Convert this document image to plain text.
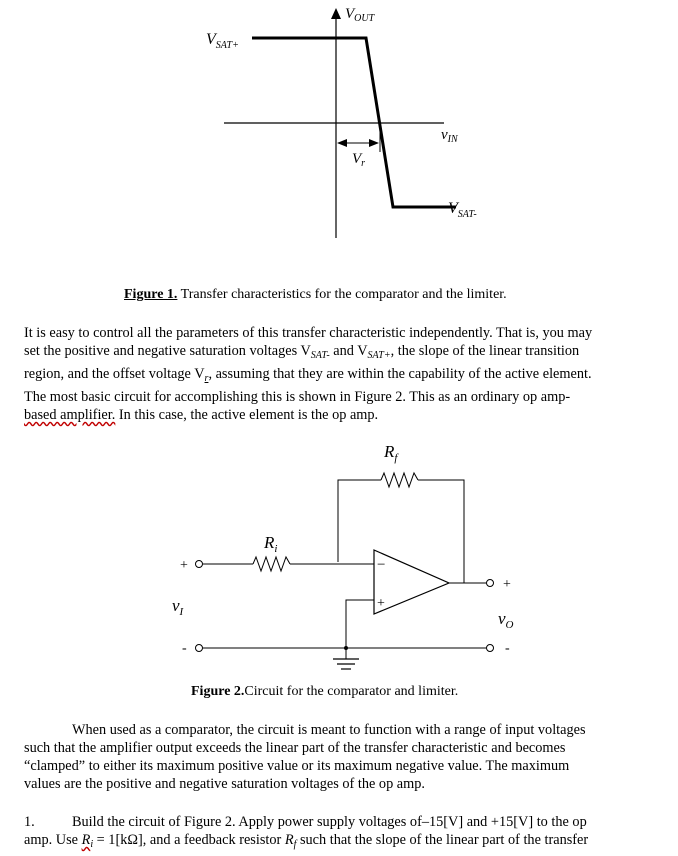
$V_{OUT}$
$V_{SAT+}$
$v_{IN}$
$V_r$
$V_{SAT-}$
Figure 1. Transfer characteristics for the comparator and the limiter.
It is easy to control all the parameters of this transfer characteristic independently. That is, you may
set the positive and negative saturation voltages $V_{SAT-}$ and $V_{SAT+}$, the slope of the linear transition
region, and the offset voltage $V_r$, assuming that they are within the capability of the active element.
The most basic circuit for accomplishing this is shown in Figure 2. This as an ordinary op amp-
based amplifier. In this case, the active element is the op amp.
−
+
$R_f$
$R_i$
+
-
+
-
$v_I$	$v_O$
Figure 2.Circuit for the comparator and limiter.
When used as a comparator, the circuit is meant to function with a range of input voltages
such that the amplifier output exceeds the linear part of the transfer characteristic and becomes
“clamped” to either its maximum positive value or its maximum negative value. The maximum
values are the positive and negative saturation voltages of the op amp.
1.	Build the circuit of Figure 2. Apply power supply voltages of–15[V] and +15[V] to the op
amp. Use $R_i = 1[k\Omega]$, and a feedback resistor $R_f$ such that the slope of the linear part of the transfer
